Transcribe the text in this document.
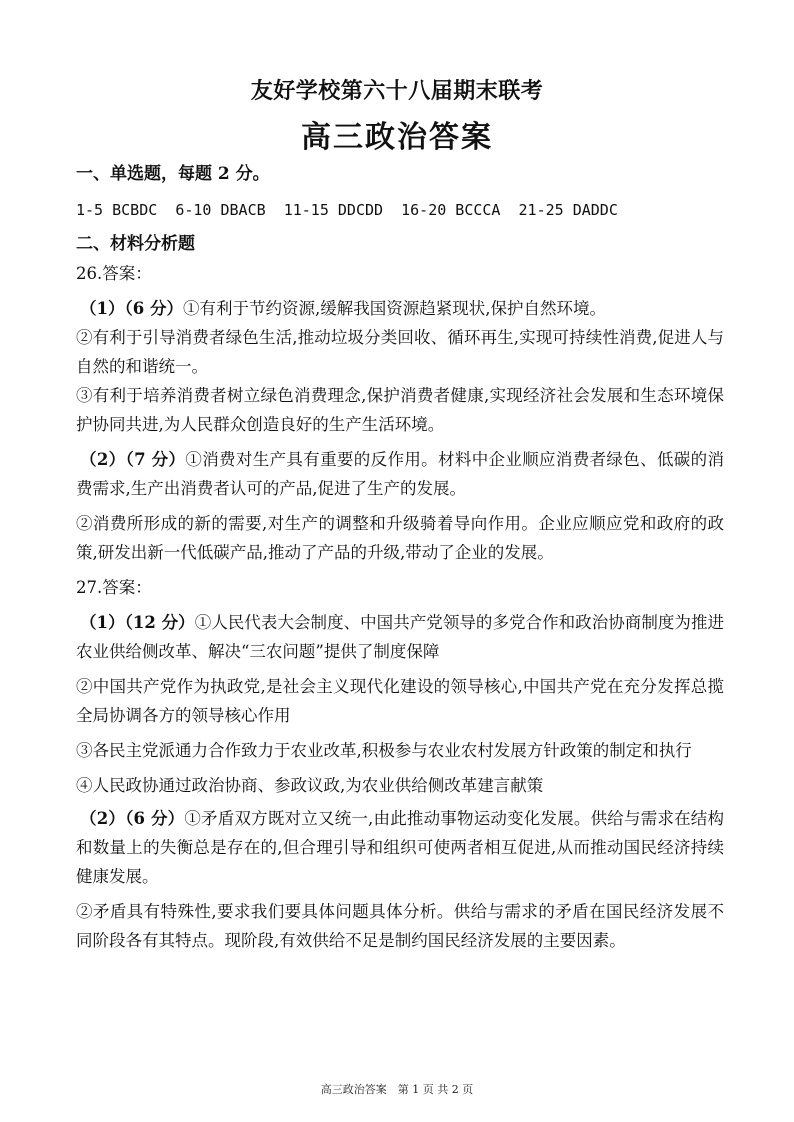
友好学校第六十八届期末联考
高三政治答案
一、单选题，每题 2 分。
1-5 BCBDC  6-10 DBACB  11-15 DDCDD  16-20 BCCCA  21-25 DADDC
二、材料分析题
26.答案：

（1）（6 分）①有利于节约资源,缓解我国资源趋紧现状,保护自然环境。

②有利于引导消费者绿色生活,推动垃圾分类回收、循环再生,实现可持续性消费,促进人与自然的和谐统一。

③有利于培养消费者树立绿色消费理念,保护消费者健康,实现经济社会发展和生态环境保护协同共进,为人民群众创造良好的生产生活环境。

（2）（7 分）①消费对生产具有重要的反作用。材料中企业顺应消费者绿色、低碳的消费需求,生产出消费者认可的产品,促进了生产的发展。

②消费所形成的新的需要,对生产的调整和升级骑着导向作用。企业应顺应党和政府的政策,研发出新一代低碳产品,推动了产品的升级,带动了企业的发展。

27.答案：

（1）（12 分）①人民代表大会制度、中国共产党领导的多党合作和政治协商制度为推进农业供给侧改革、解决“三农问题”提供了制度保障

②中国共产党作为执政党,是社会主义现代化建设的领导核心,中国共产党在充分发挥总揽全局协调各方的领导核心作用

③各民主党派通力合作致力于农业改革,积极参与农业农村发展方针政策的制定和执行

④人民政协通过政治协商、参政议政,为农业供给侧改革建言献策

（2）（6 分）①矛盾双方既对立又统一,由此推动事物运动变化发展。供给与需求在结构和数量上的失衡总是存在的,但合理引导和组织可使两者相互促进,从而推动国民经济持续健康发展。

②矛盾具有特殊性,要求我们要具体问题具体分析。供给与需求的矛盾在国民经济发展不同阶段各有其特点。现阶段,有效供给不足是制约国民经济发展的主要因素。

高三政治答案　第 1 页 共 2 页
